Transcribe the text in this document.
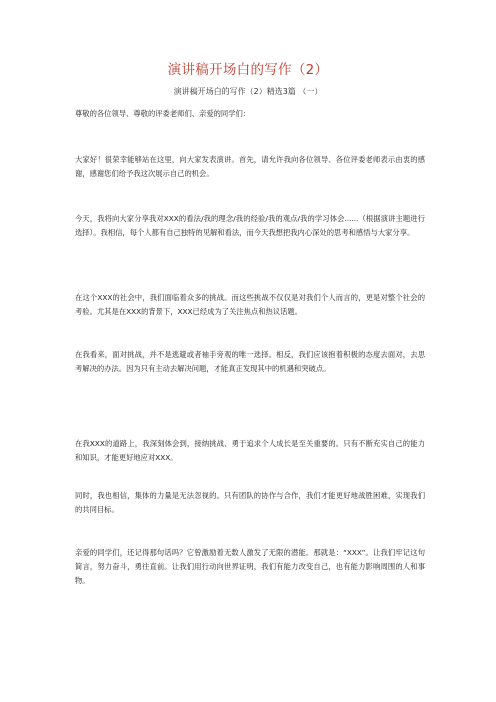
演讲稿开场白的写作（2）
演讲稿开场白的写作（2）精选3篇 （一）
尊敬的各位领导、尊敬的评委老师们、亲爱的同学们：
大家好！很荣幸能够站在这里，向大家发表演讲。首先，请允许我向各位领导、各位评委老师表示由衷的感谢，感谢您们给予我这次展示自己的机会。
今天，我将向大家分享我对XXX的看法/我的理念/我的经验/我的观点/我的学习体会......（根据演讲主题进行选择）。我相信，每个人都有自己独特的见解和看法，而今天我想把我内心深处的思考和感悟与大家分享。
在这个XXX的社会中，我们面临着众多的挑战。而这些挑战不仅仅是对我们个人而言的，更是对整个社会的考验。尤其是在XXX的背景下，XXX已经成为了关注焦点和热议话题。
在我看来，面对挑战，并不是逃避或者袖手旁观的唯一选择。相反，我们应该抱着积极的态度去面对，去思考解决的办法。因为只有主动去解决问题，才能真正发现其中的机遇和突破点。
在我XXX的道路上，我深刻体会到，接纳挑战、勇于追求个人成长是至关重要的。只有不断充实自己的能力和知识，才能更好地应对XXX。
同时，我也相信，集体的力量是无法忽视的。只有团队的协作与合作，我们才能更好地战胜困难，实现我们的共同目标。
亲爱的同学们，还记得那句话吗？它曾激励着无数人激发了无限的潜能。那就是：“XXX”。让我们牢记这句简言，努力奋斗，勇往直前。让我们用行动向世界证明，我们有能力改变自己，也有能力影响周围的人和事物。
